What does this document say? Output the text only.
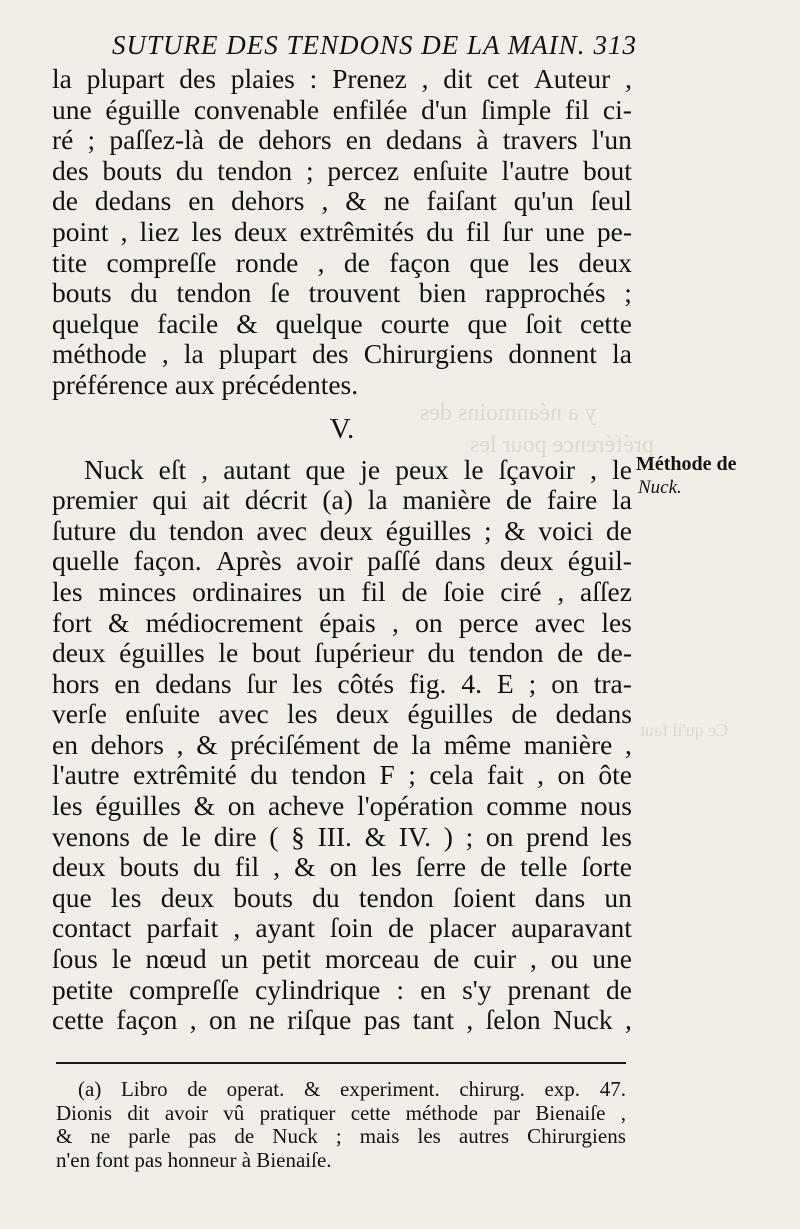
y a néanmoins des
préférence pour les
Ce qu'il faut
SUTURE DES TENDONS DE LA MAIN. 313
la plupart des plaies : Prenez , dit cet Auteur ,
une éguille convenable enfilée d'un ſimple fil ci-
ré ; paſſez-là de dehors en dedans à travers l'un
des bouts du tendon ; percez enſuite l'autre bout
de dedans en dehors , & ne faiſant qu'un ſeul
point , liez les deux extrêmités du fil ſur une pe-
tite compreſſe ronde , de façon que les deux
bouts du tendon ſe trouvent bien rapprochés ;
quelque facile & quelque courte que ſoit cette
méthode , la plupart des Chirurgiens donnent la
préférence aux précédentes.
V.
Nuck eſt , autant que je peux le ſçavoir , le
premier qui ait décrit (a) la manière de faire la
ſuture du tendon avec deux éguilles ; & voici de
quelle façon. Après avoir paſſé dans deux éguil-
les minces ordinaires un fil de ſoie ciré , aſſez
fort & médiocrement épais , on perce avec les
deux éguilles le bout ſupérieur du tendon de de-
hors en dedans ſur les côtés fig. 4. E ; on tra-
verſe enſuite avec les deux éguilles de dedans
en dehors , & préciſément de la même manière ,
l'autre extrêmité du tendon F ; cela fait , on ôte
les éguilles & on acheve l'opération comme nous
venons de le dire ( § III. & IV. ) ; on prend les
deux bouts du fil , & on les ſerre de telle ſorte
que les deux bouts du tendon ſoient dans un
contact parfait , ayant ſoin de placer auparavant
ſous le nœud un petit morceau de cuir , ou une
petite compreſſe cylindrique : en s'y prenant de
cette façon , on ne riſque pas tant , ſelon Nuck ,
Méthode de
Nuck.
(a) Libro de operat. & experiment. chirurg. exp. 47.
Dionis dit avoir vû pratiquer cette méthode par Bienaiſe ,
& ne parle pas de Nuck ; mais les autres Chirurgiens
n'en font pas honneur à Bienaiſe.
